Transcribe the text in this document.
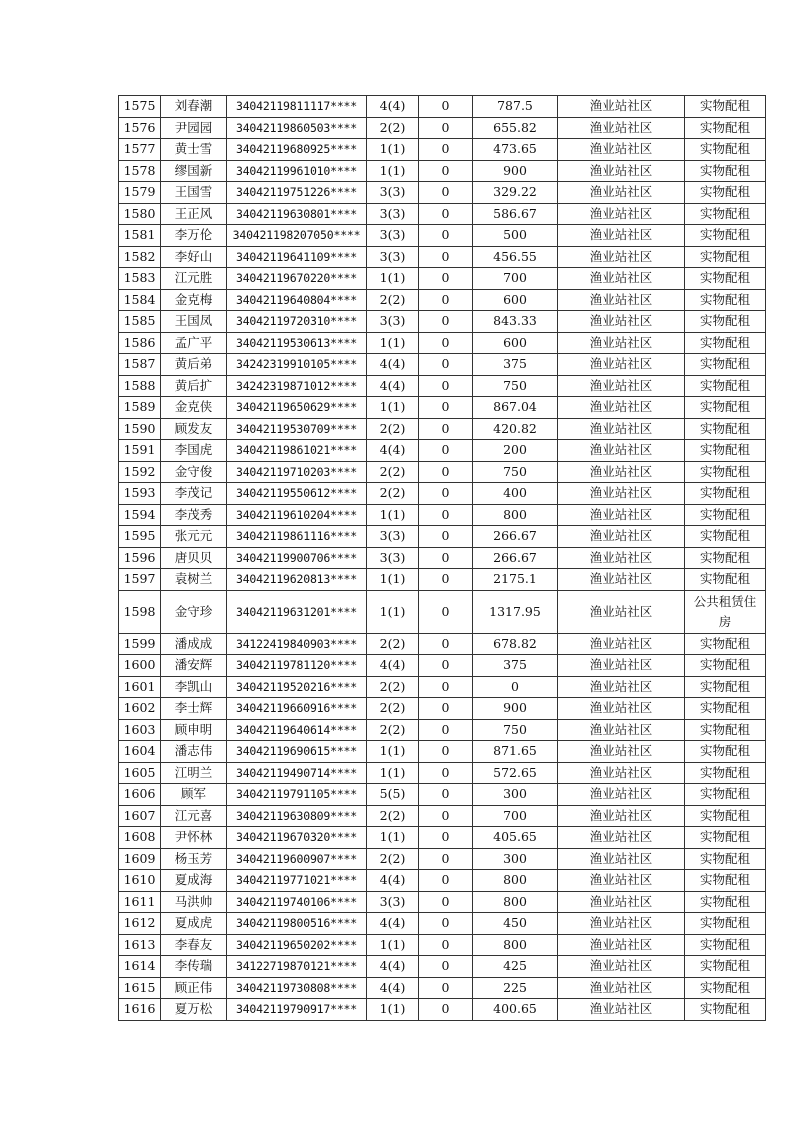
1575	刘春潮	34042119811117****	4(4)	0	787.5	渔业站社区	实物配租
1576	尹园园	34042119860503****	2(2)	0	655.82	渔业站社区	实物配租
1577	黄士雪	34042119680925****	1(1)	0	473.65	渔业站社区	实物配租
1578	缪国新	34042119961010****	1(1)	0	900	渔业站社区	实物配租
1579	王国雪	34042119751226****	3(3)	0	329.22	渔业站社区	实物配租
1580	王正风	34042119630801****	3(3)	0	586.67	渔业站社区	实物配租
1581	李万伦	340421198207050****	3(3)	0	500	渔业站社区	实物配租
1582	李好山	34042119641109****	3(3)	0	456.55	渔业站社区	实物配租
1583	江元胜	34042119670220****	1(1)	0	700	渔业站社区	实物配租
1584	金克梅	34042119640804****	2(2)	0	600	渔业站社区	实物配租
1585	王国凤	34042119720310****	3(3)	0	843.33	渔业站社区	实物配租
1586	孟广平	34042119530613****	1(1)	0	600	渔业站社区	实物配租
1587	黄后弟	34242319910105****	4(4)	0	375	渔业站社区	实物配租
1588	黄后扩	34242319871012****	4(4)	0	750	渔业站社区	实物配租
1589	金克侠	34042119650629****	1(1)	0	867.04	渔业站社区	实物配租
1590	顾发友	34042119530709****	2(2)	0	420.82	渔业站社区	实物配租
1591	李国虎	34042119861021****	4(4)	0	200	渔业站社区	实物配租
1592	金守俊	34042119710203****	2(2)	0	750	渔业站社区	实物配租
1593	李茂记	34042119550612****	2(2)	0	400	渔业站社区	实物配租
1594	李茂秀	34042119610204****	1(1)	0	800	渔业站社区	实物配租
1595	张元元	34042119861116****	3(3)	0	266.67	渔业站社区	实物配租
1596	唐贝贝	34042119900706****	3(3)	0	266.67	渔业站社区	实物配租
1597	袁树兰	34042119620813****	1(1)	0	2175.1	渔业站社区	实物配租
1598	金守珍	34042119631201****	1(1)	0	1317.95	渔业站社区	公共租赁住房
1599	潘成成	34122419840903****	2(2)	0	678.82	渔业站社区	实物配租
1600	潘安辉	34042119781120****	4(4)	0	375	渔业站社区	实物配租
1601	李凯山	34042119520216****	2(2)	0	0	渔业站社区	实物配租
1602	李士辉	34042119660916****	2(2)	0	900	渔业站社区	实物配租
1603	顾申明	34042119640614****	2(2)	0	750	渔业站社区	实物配租
1604	潘志伟	34042119690615****	1(1)	0	871.65	渔业站社区	实物配租
1605	江明兰	34042119490714****	1(1)	0	572.65	渔业站社区	实物配租
1606	顾军	34042119791105****	5(5)	0	300	渔业站社区	实物配租
1607	江元喜	34042119630809****	2(2)	0	700	渔业站社区	实物配租
1608	尹怀林	34042119670320****	1(1)	0	405.65	渔业站社区	实物配租
1609	杨玉芳	34042119600907****	2(2)	0	300	渔业站社区	实物配租
1610	夏成海	34042119771021****	4(4)	0	800	渔业站社区	实物配租
1611	马洪帅	34042119740106****	3(3)	0	800	渔业站社区	实物配租
1612	夏成虎	34042119800516****	4(4)	0	450	渔业站社区	实物配租
1613	李春友	34042119650202****	1(1)	0	800	渔业站社区	实物配租
1614	李传瑞	34122719870121****	4(4)	0	425	渔业站社区	实物配租
1615	顾正伟	34042119730808****	4(4)	0	225	渔业站社区	实物配租
1616	夏万松	34042119790917****	1(1)	0	400.65	渔业站社区	实物配租
